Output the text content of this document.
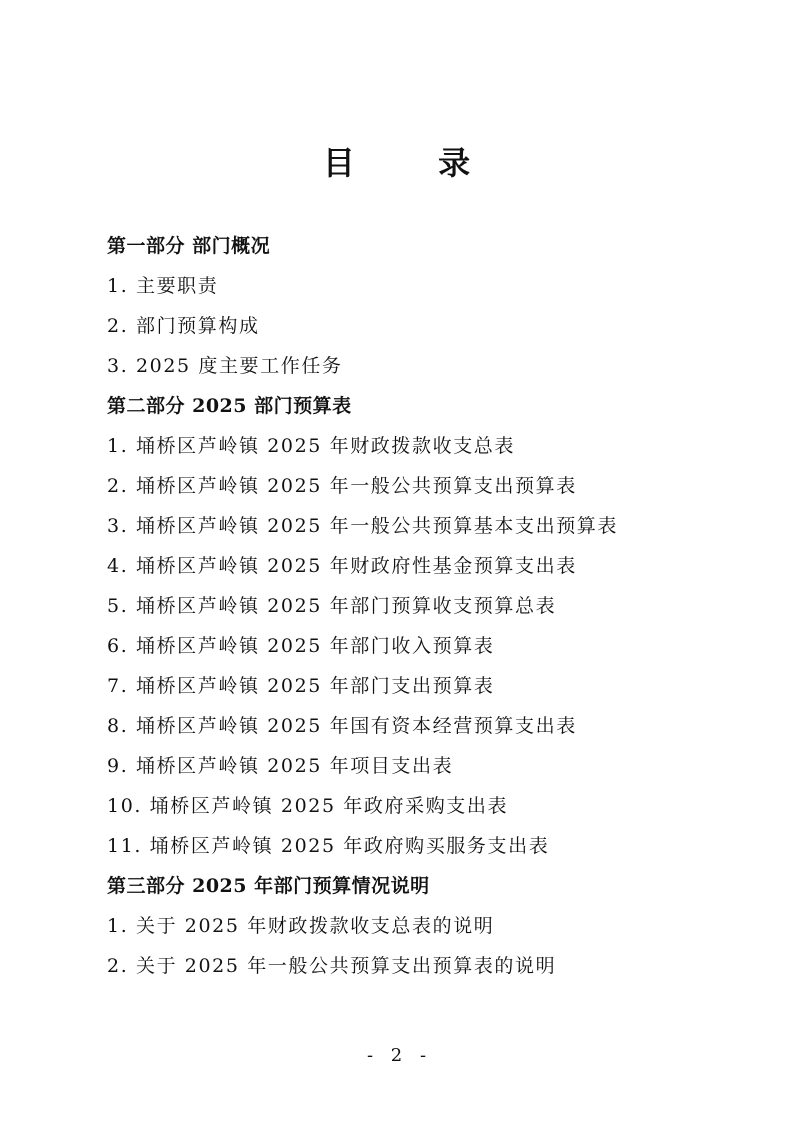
目 录
第一部分 部门概况
1. 主要职责
2. 部门预算构成
3. 2025 度主要工作任务
第二部分 2025 部门预算表
1. 埇桥区芦岭镇 2025 年财政拨款收支总表
2. 埇桥区芦岭镇 2025 年一般公共预算支出预算表
3. 埇桥区芦岭镇 2025 年一般公共预算基本支出预算表
4. 埇桥区芦岭镇 2025 年财政府性基金预算支出表
5. 埇桥区芦岭镇 2025 年部门预算收支预算总表
6. 埇桥区芦岭镇 2025 年部门收入预算表
7. 埇桥区芦岭镇 2025 年部门支出预算表
8. 埇桥区芦岭镇 2025 年国有资本经营预算支出表
9. 埇桥区芦岭镇 2025 年项目支出表
10. 埇桥区芦岭镇 2025 年政府采购支出表
11. 埇桥区芦岭镇 2025 年政府购买服务支出表
第三部分 2025 年部门预算情况说明
1. 关于 2025 年财政拨款收支总表的说明
2. 关于 2025 年一般公共预算支出预算表的说明
- 2 -
